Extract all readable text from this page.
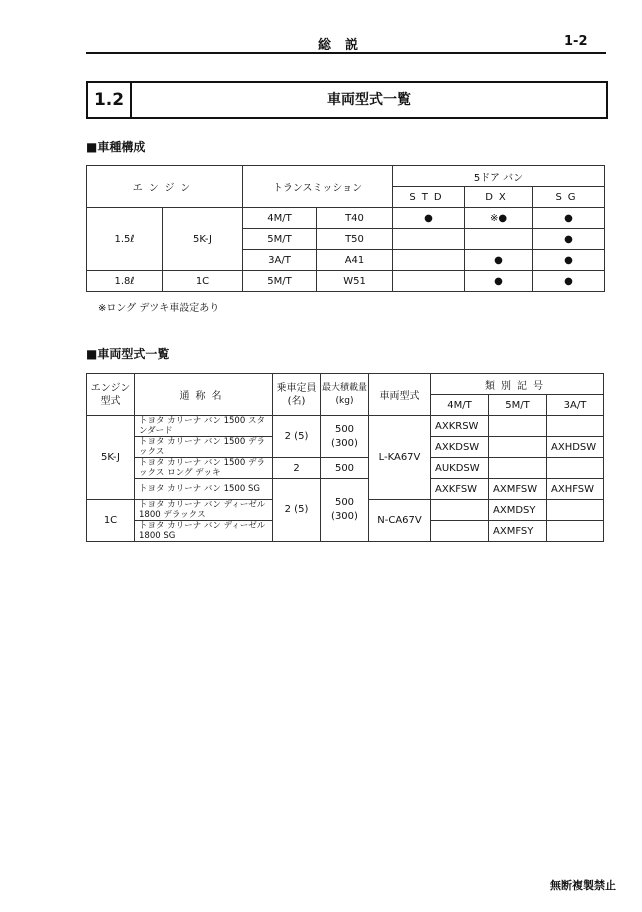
総説	1-2
1.2	車両型式一覧
■車種構成
エンジン		トランスミッション		5ドア バン		
				STD	DX	SG
1.5ℓ	5K-J	4M/T	T40	●	※●	●
		5M/T	T50			●
		3A/T	A41		●	●
1.8ℓ	1C	5M/T	W51		●	●
※ロング デツキ車設定あり
■車両型式一覧
エンジン型式	通称名	乗車定員(名)	最大積載量(kg)	車両型式	類別記号		
					4M/T	5M/T	3A/T
5K-J	トヨタ カリーナ バン 1500 スタンダード	2 (5)	500 (300)	L-KA67V	AXKRSW		
	トヨタ カリーナ バン 1500 デラックス				AXKDSW		AXHDSW
	トヨタ カリーナ バン 1500 デラックス ロング デッキ	2	500		AUKDSW		
	トヨタ カリーナ バン 1500 SG	2 (5)	500 (300)		AXKFSW	AXMFSW	AXHFSW
1C	トヨタ カリーナ バン ディーゼル 1800 デラックス			N-CA67V		AXMDSY	
	トヨタ カリーナ バン ディーゼル 1800 SG					AXMFSY	
無断複製禁止
